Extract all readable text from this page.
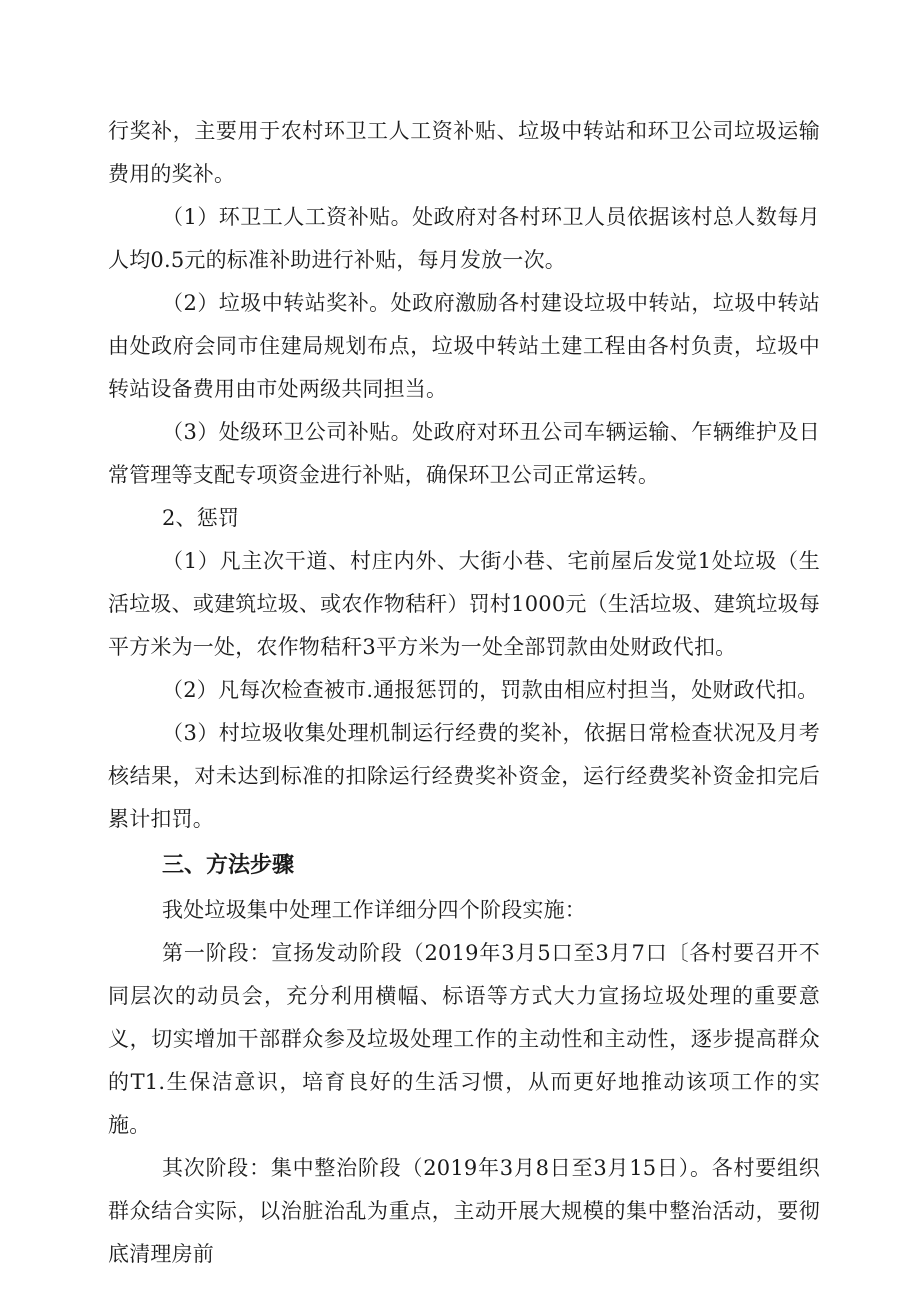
行奖补，主要用于农村环卫工人工资补贴、垃圾中转站和环卫公司垃圾运输费用的奖补。

（1）环卫工人工资补贴。处政府对各村环卫人员依据该村总人数每月人均0.5元的标准补助进行补贴，每月发放一次。

（2）垃圾中转站奖补。处政府激励各村建设垃圾中转站，垃圾中转站由处政府会同市住建局规划布点，垃圾中转站土建工程由各村负责，垃圾中转站设备费用由市处两级共同担当。

（3）处级环卫公司补贴。处政府对环丑公司车辆运输、乍辆维护及日常管理等支配专项资金进行补贴，确保环卫公司正常运转。

2、惩罚

（1）凡主次干道、村庄内外、大街小巷、宅前屋后发觉1处垃圾（生活垃圾、或建筑垃圾、或农作物秸秆）罚村1000元（生活垃圾、建筑垃圾每平方米为一处，农作物秸秆3平方米为一处全部罚款由处财政代扣。

（2）凡每次检查被市.通报惩罚的，罚款由相应村担当，处财政代扣。

（3）村垃圾收集处理机制运行经费的奖补，依据日常检查状况及月考核结果，对未达到标准的扣除运行经费奖补资金，运行经费奖补资金扣完后累计扣罚。

三、方法步骤

我处垃圾集中处理工作详细分四个阶段实施：

第一阶段：宣扬发动阶段（2019年3月5口至3月7口〔各村要召开不同层次的动员会，充分利用横幅、标语等方式大力宣扬垃圾处理的重要意义，切实增加干部群众参及垃圾处理工作的主动性和主动性，逐步提高群众的T1.生保洁意识，培育良好的生活习惯，从而更好地推动该项工作的实施。

其次阶段：集中整治阶段（2019年3月8日至3月15日）。各村要组织群众结合实际，以治脏治乱为重点，主动开展大规模的集中整治活动，要彻底清理房前
